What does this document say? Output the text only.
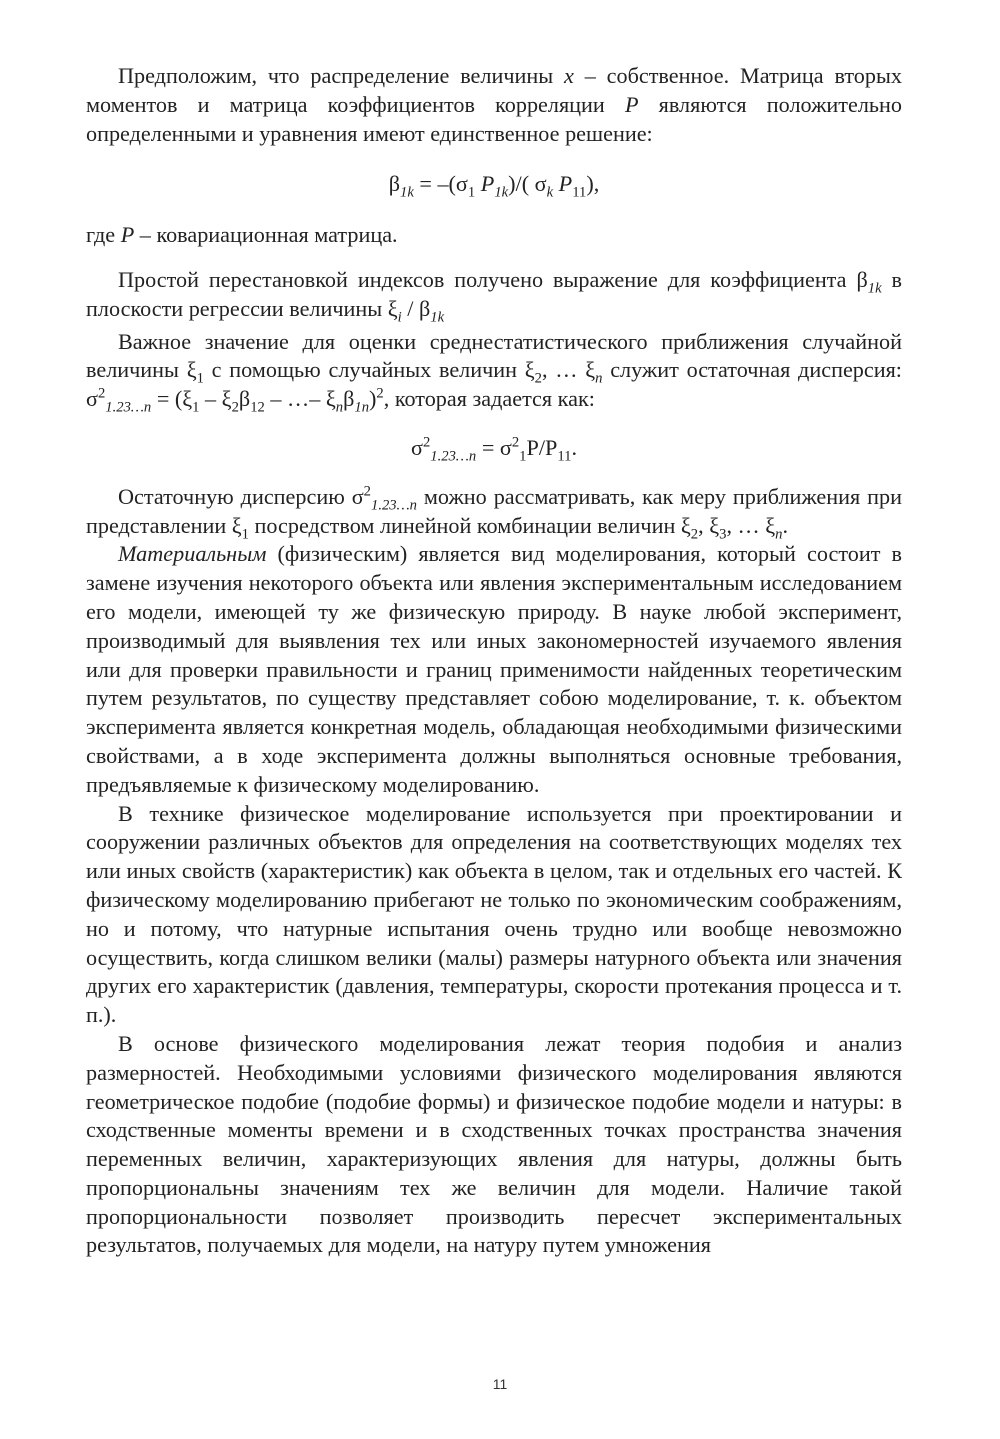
Предположим, что распределение величины x – собственное. Матрица вторых моментов и матрица коэффициентов корреляции P являются положительно определенными и уравнения имеют единственное решение:

$\beta_{1k} = -(\sigma_1$ $P_{1k})/$( $\sigma_k$ $P_{11}$),

где P – ковариационная матрица.

Простой перестановкой индексов получено выражение для коэффициента $\beta_{1k}$ в плоскости регрессии величины $\xi_i / \beta_{1k}$

Важное значение для оценки среднестатистического приближения случайной величины $\xi_1$ с помощью случайных величин $\xi_2$, … $\xi_n$ служит остаточная дисперсия: $\sigma^2_{1.23\dots n} = (\xi_1 - \xi_2\beta_{12}$ – …– $\xi_n\beta_{1n})^2$, которая задается как:

$\sigma^2_{1.23\dots n} = \sigma^2_1P/P_{11}$.

Остаточную дисперсию $\sigma^2_{1.23\dots n}$ можно рассматривать, как меру приближения при представлении $\xi_1$ посредством линейной комбинации величин $\xi_2$, $\xi_3$, … $\xi_n$.

Материальным (физическим) является вид моделирования, который состоит в замене изучения некоторого объекта или явления экспериментальным исследованием его модели, имеющей ту же физическую природу. В науке любой эксперимент, производимый для выявления тех или иных закономерностей изучаемого явления или для проверки правильности и границ применимости найденных теоретическим путем результатов, по существу представляет собою моделирование, т. к. объектом эксперимента является конкретная модель, обладающая необходимыми физическими свойствами, а в ходе эксперимента должны выполняться основные требования, предъявляемые к физическому моделированию.

В технике физическое моделирование используется при проектировании и сооружении различных объектов для определения на соответствующих моделях тех или иных свойств (характеристик) как объекта в целом, так и отдельных его частей. К физическому моделированию прибегают не только по экономическим соображениям, но и потому, что натурные испытания очень трудно или вообще невозможно осуществить, когда слишком велики (малы) размеры натурного объекта или значения других его характеристик (давления, температуры, скорости протекания процесса и т. п.).

В основе физического моделирования лежат теория подобия и анализ размерностей. Необходимыми условиями физического моделирования являются геометрическое подобие (подобие формы) и физическое подобие модели и натуры: в сходственные моменты времени и в сходственных точках пространства значения переменных величин, характеризующих явления для натуры, должны быть пропорциональны значениям тех же величин для модели. Наличие такой пропорциональности позволяет производить пересчет экспериментальных результатов, получаемых для модели, на натуру путем умножения

11
